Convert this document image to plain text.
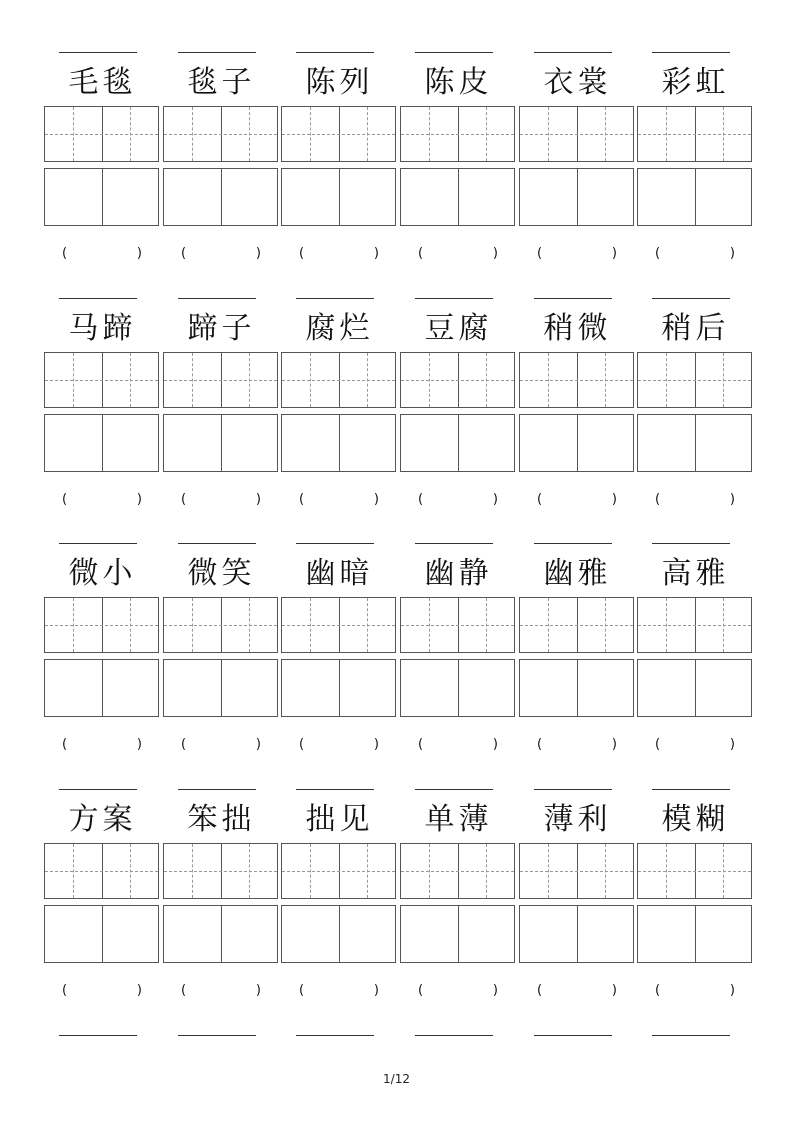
毛毯
(	)
毯子
(	)
陈列
(	)
陈皮
(	)
衣裳
(	)
彩虹
(	)
马蹄
(	)
蹄子
(	)
腐烂
(	)
豆腐
(	)
稍微
(	)
稍后
(	)
微小
(	)
微笑
(	)
幽暗
(	)
幽静
(	)
幽雅
(	)
高雅
(	)
方案
(	)
笨拙
(	)
拙见
(	)
单薄
(	)
薄利
(	)
模糊
(	)
1/12
